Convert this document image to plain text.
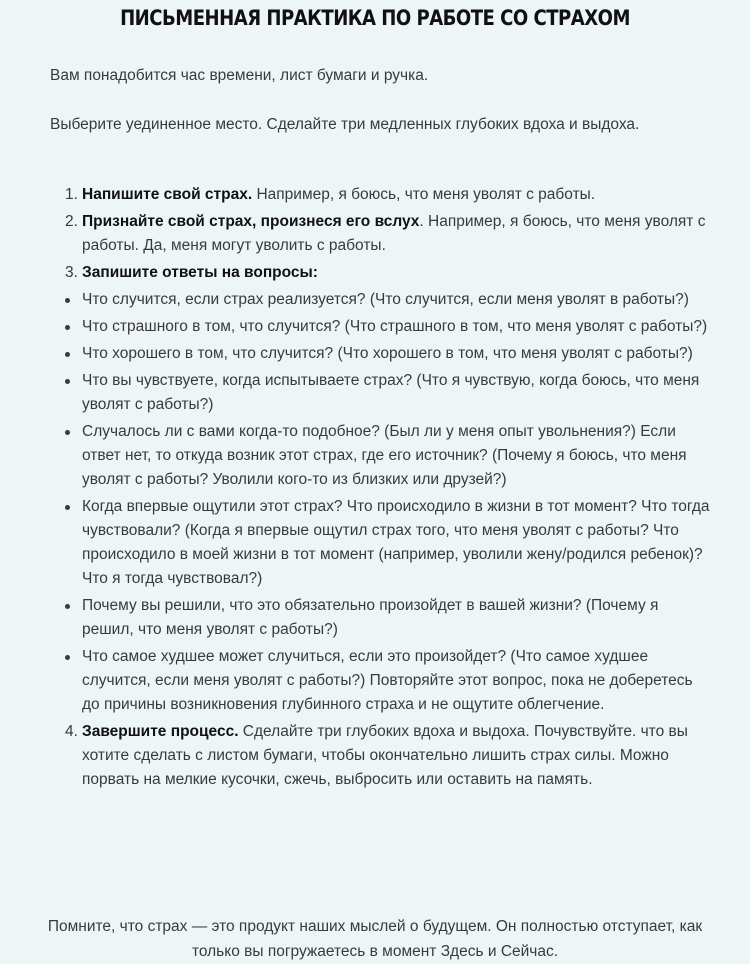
ПИСЬМЕННАЯ ПРАКТИКА ПО РАБОТЕ СО СТРАХОМ

Вам понадобится час времени, лист бумаги и ручка.

Выберите уединенное место. Сделайте три медленных глубоких вдоха и выдоха.

1. Напишите свой страх. Например, я боюсь, что меня уволят с работы.
2. Признайте свой страх, произнеся его вслух. Например, я боюсь, что меня уволят с работы. Да, меня могут уволить с работы.
3. Запишите ответы на вопросы:
Что случится, если страх реализуется? (Что случится, если меня уволят в работы?)
Что страшного в том, что случится? (Что страшного в том, что меня уволят с работы?)
Что хорошего в том, что случится? (Что хорошего в том, что меня уволят с работы?)
Что вы чувствуете, когда испытываете страх? (Что я чувствую, когда боюсь, что меня уволят с работы?)
Случалось ли с вами когда-то подобное? (Был ли у меня опыт увольнения?) Если ответ нет, то откуда возник этот страх, где его источник? (Почему я боюсь, что меня уволят с работы? Уволили кого-то из близких или друзей?)
Когда впервые ощутили этот страх? Что происходило в жизни в тот момент? Что тогда чувствовали? (Когда я впервые ощутил страх того, что меня уволят с работы? Что происходило в моей жизни в тот момент (например, уволили жену/родился ребенок)? Что я тогда чувствовал?)
Почему вы решили, что это обязательно произойдет в вашей жизни? (Почему я решил, что меня уволят с работы?)
Что самое худшее может случиться, если это произойдет? (Что самое худшее случится, если меня уволят с работы?) Повторяйте этот вопрос, пока не доберетесь до причины возникновения глубинного страха и не ощутите облегчение.
4. Завершите процесс. Сделайте три глубоких вдоха и выдоха. Почувствуйте. что вы хотите сделать с листом бумаги, чтобы окончательно лишить страх силы. Можно порвать на мелкие кусочки, сжечь, выбросить или оставить на память.

Помните, что страх — это продукт наших мыслей о будущем. Он полностью отступает, как только вы погружаетесь в момент Здесь и Сейчас.
